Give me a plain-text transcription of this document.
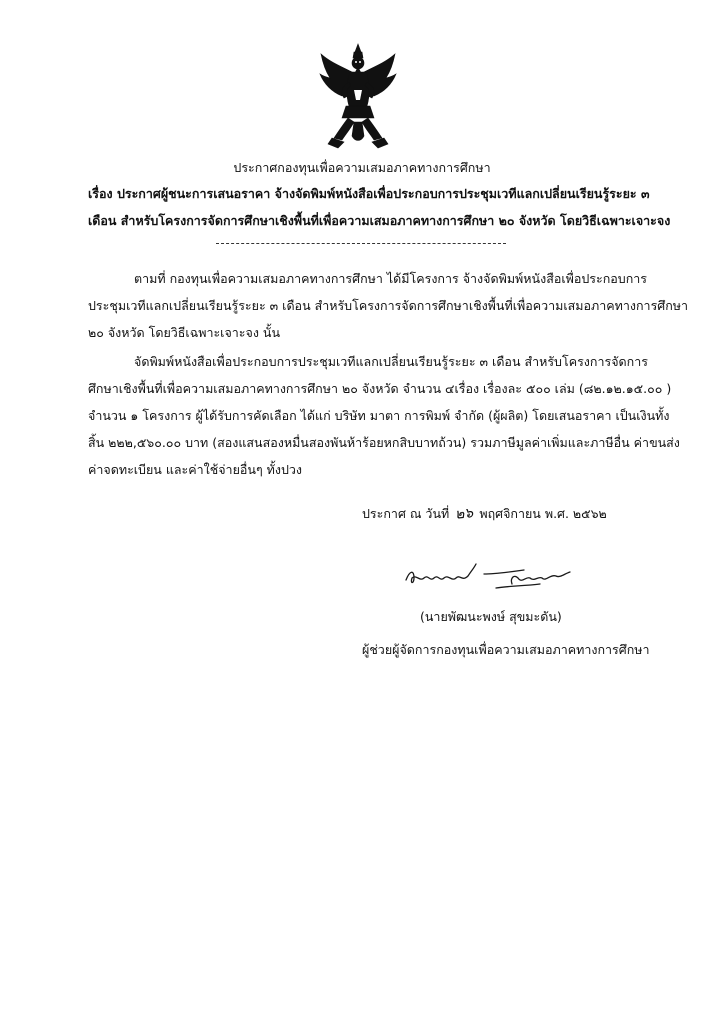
ประกาศกองทุนเพื่อความเสมอภาคทางการศึกษา
เรื่อง ประกาศผู้ชนะการเสนอราคา จ้างจัดพิมพ์หนังสือเพื่อประกอบการประชุมเวทีแลกเปลี่ยนเรียนรู้ระยะ ๓
เดือน สำหรับโครงการจัดการศึกษาเชิงพื้นที่เพื่อความเสมอภาคทางการศึกษา ๒๐ จังหวัด โดยวิธีเฉพาะเจาะจง
ตามที่ กองทุนเพื่อความเสมอภาคทางการศึกษา ได้มีโครงการ จ้างจัดพิมพ์หนังสือเพื่อประกอบการ
ประชุมเวทีแลกเปลี่ยนเรียนรู้ระยะ ๓ เดือน สำหรับโครงการจัดการศึกษาเชิงพื้นที่เพื่อความเสมอภาคทางการศึกษา
๒๐ จังหวัด โดยวิธีเฉพาะเจาะจง นั้น
จัดพิมพ์หนังสือเพื่อประกอบการประชุมเวทีแลกเปลี่ยนเรียนรู้ระยะ ๓ เดือน สำหรับโครงการจัดการ
ศึกษาเชิงพื้นที่เพื่อความเสมอภาคทางการศึกษา ๒๐ จังหวัด จำนวน ๔เรื่อง เรื่องละ ๕๐๐ เล่ม (๘๒.๑๒.๑๕.๐๐ )
จำนวน ๑ โครงการ ผู้ได้รับการคัดเลือก ได้แก่ บริษัท มาตา การพิมพ์ จำกัด (ผู้ผลิต) โดยเสนอราคา เป็นเงินทั้ง
สิ้น ๒๒๒,๕๖๐.๐๐ บาท (สองแสนสองหมื่นสองพันห้าร้อยหกสิบบาทถ้วน) รวมภาษีมูลค่าเพิ่มและภาษีอื่น ค่าขนส่ง
ค่าจดทะเบียน และค่าใช้จ่ายอื่นๆ ทั้งปวง
ประกาศ ณ วันที่ ๒๖ พฤศจิกายน พ.ศ. ๒๕๖๒
(นายพัฒนะพงษ์ สุขมะดัน)
ผู้ช่วยผู้จัดการกองทุนเพื่อความเสมอภาคทางการศึกษา
